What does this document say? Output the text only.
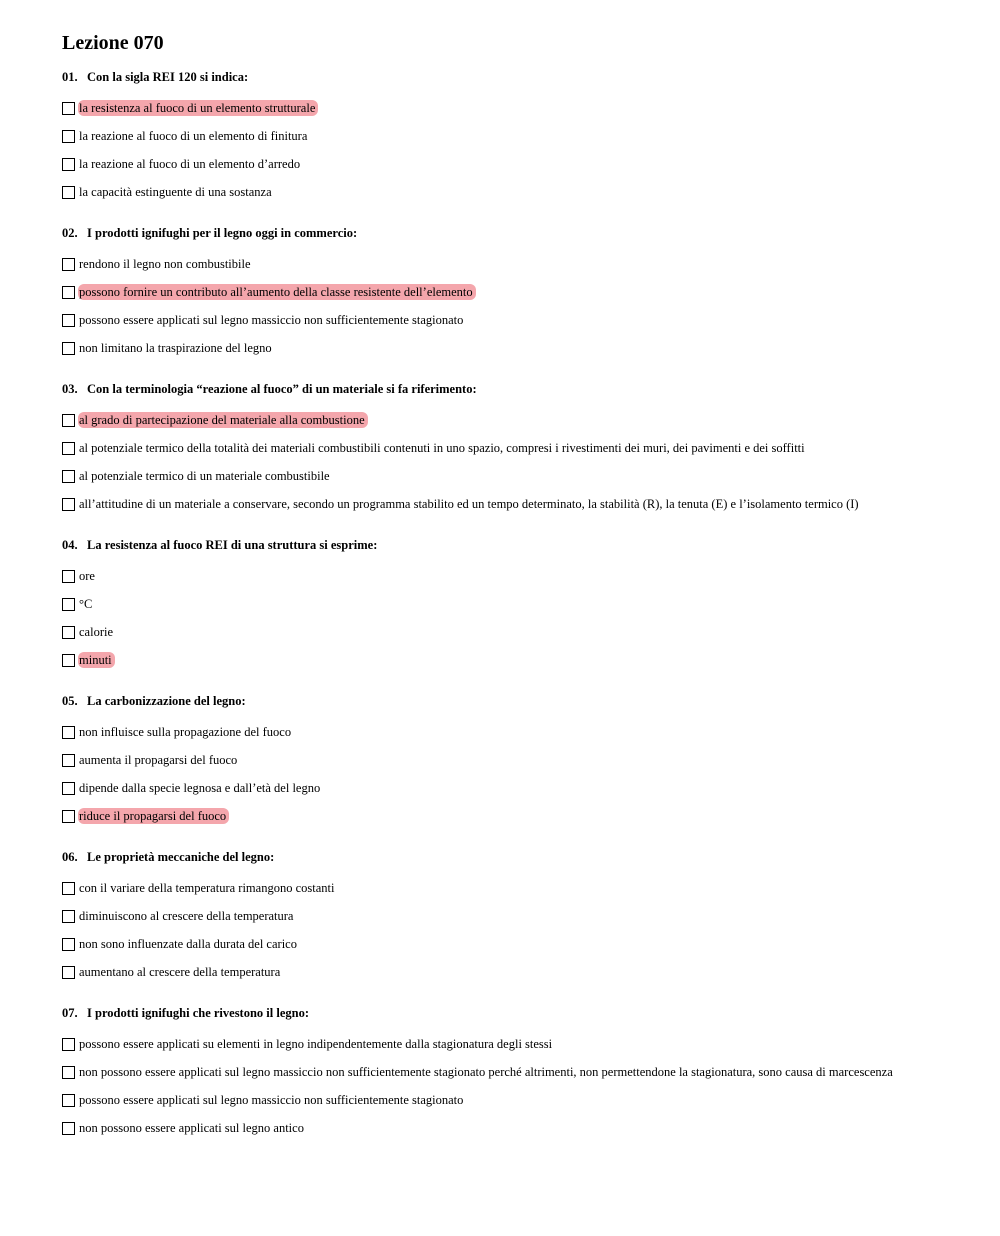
Lezione 070
01. Con la sigla REI 120 si indica:
la resistenza al fuoco di un elemento strutturale
la reazione al fuoco di un elemento di finitura
la reazione al fuoco di un elemento d’arredo
la capacità estinguente di una sostanza
02. I prodotti ignifughi per il legno oggi in commercio:
rendono il legno non combustibile
possono fornire un contributo all’aumento della classe resistente dell’elemento
possono essere applicati sul legno massiccio non sufficientemente stagionato
non limitano la traspirazione del legno
03. Con la terminologia “reazione al fuoco” di un materiale si fa riferimento:
al grado di partecipazione del materiale alla combustione
al potenziale termico della totalità dei materiali combustibili contenuti in uno spazio, compresi i rivestimenti dei muri, dei pavimenti e dei soffitti
al potenziale termico di un materiale combustibile
all’attitudine di un materiale a conservare, secondo un programma stabilito ed un tempo determinato, la stabilità (R), la tenuta (E) e l’isolamento termico (I)
04. La resistenza al fuoco REI di una struttura si esprime:
ore
°C
calorie
minuti
05. La carbonizzazione del legno:
non influisce sulla propagazione del fuoco
aumenta il propagarsi del fuoco
dipende dalla specie legnosa e dall’età del legno
riduce il propagarsi del fuoco
06. Le proprietà meccaniche del legno:
con il variare della temperatura rimangono costanti
diminuiscono al crescere della temperatura
non sono influenzate dalla durata del carico
aumentano al crescere della temperatura
07. I prodotti ignifughi che rivestono il legno:
possono essere applicati su elementi in legno indipendentemente dalla stagionatura degli stessi
non possono essere applicati sul legno massiccio non sufficientemente stagionato perché altrimenti, non permettendone la stagionatura, sono causa di marcescenza
possono essere applicati sul legno massiccio non sufficientemente stagionato
non possono essere applicati sul legno antico
